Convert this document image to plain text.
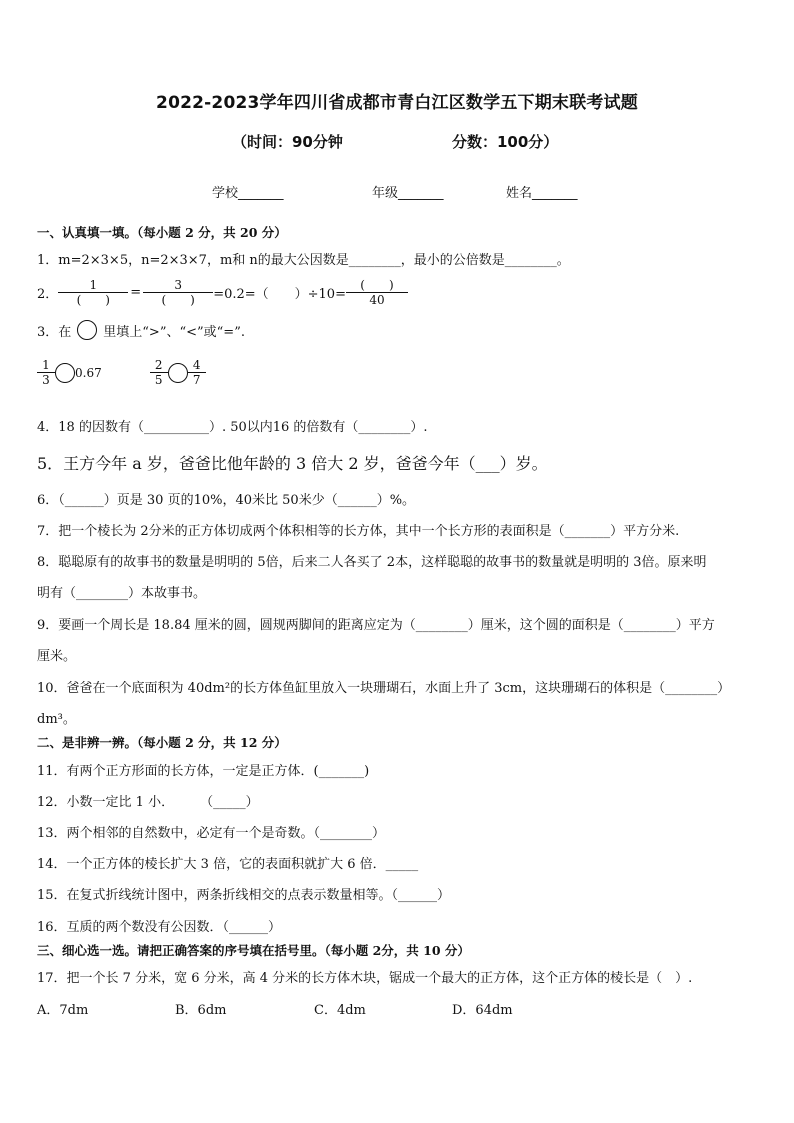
2022-2023学年四川省成都市青白江区数学五下期末联考试题
（时间：90分钟	分数：100分）
学校_______	年级_______	姓名_______
一、认真填一填。（每小题 2 分，共 20 分）
1．m=2×3×5，n=2×3×7，m和 n的最大公因数是________，最小的公倍数是________。
2． $\frac{1}{( )} = \frac{3}{( )} =0.2=$（　　）$\div 10= \frac{( )}{40}$
3．在 里填上“>”、“<”或“=”.
$\frac{1}{3} 0.67$	$\frac{2}{5} \frac{4}{7}$
4．18 的因数有（__________）. 50以内16 的倍数有（________）.
5．王方今年 a 岁，爸爸比他年龄的 3 倍大 2 岁，爸爸今年（___）岁。
6．（______）页是 30 页的10%，40米比 50米少（______）%。
7．把一个棱长为 2分米的正方体切成两个体积相等的长方体，其中一个长方形的表面积是（_______）平方分米.
8．聪聪原有的故事书的数量是明明的 5倍，后来二人各买了 2本，这样聪聪的故事书的数量就是明明的 3倍。原来明
明有（________）本故事书。
9．要画一个周长是 18.84 厘米的圆，圆规两脚间的距离应定为（________）厘米，这个圆的面积是（________）平方
厘米。
10．爸爸在一个底面积为 40dm²的长方体鱼缸里放入一块珊瑚石，水面上升了 3cm，这块珊瑚石的体积是（________）
dm³。
二、是非辨一辨。（每小题 2 分，共 12 分）
11．有两个正方形面的长方体，一定是正方体．(_______)
12．小数一定比 1 小．　　　（_____）
13．两个相邻的自然数中，必定有一个是奇数。（________）
14．一个正方体的棱长扩大 3 倍，它的表面积就扩大 6 倍．_____
15．在复式折线统计图中，两条折线相交的点表示数量相等。（______）
16．互质的两个数没有公因数．（______）
三、细心选一选。请把正确答案的序号填在括号里。（每小题 2分，共 10 分）
17．把一个长 7 分米，宽 6 分米，高 4 分米的长方体木块，锯成一个最大的正方体，这个正方体的棱长是（　）.
A．7dm	B．6dm	C．4dm	D．64dm
